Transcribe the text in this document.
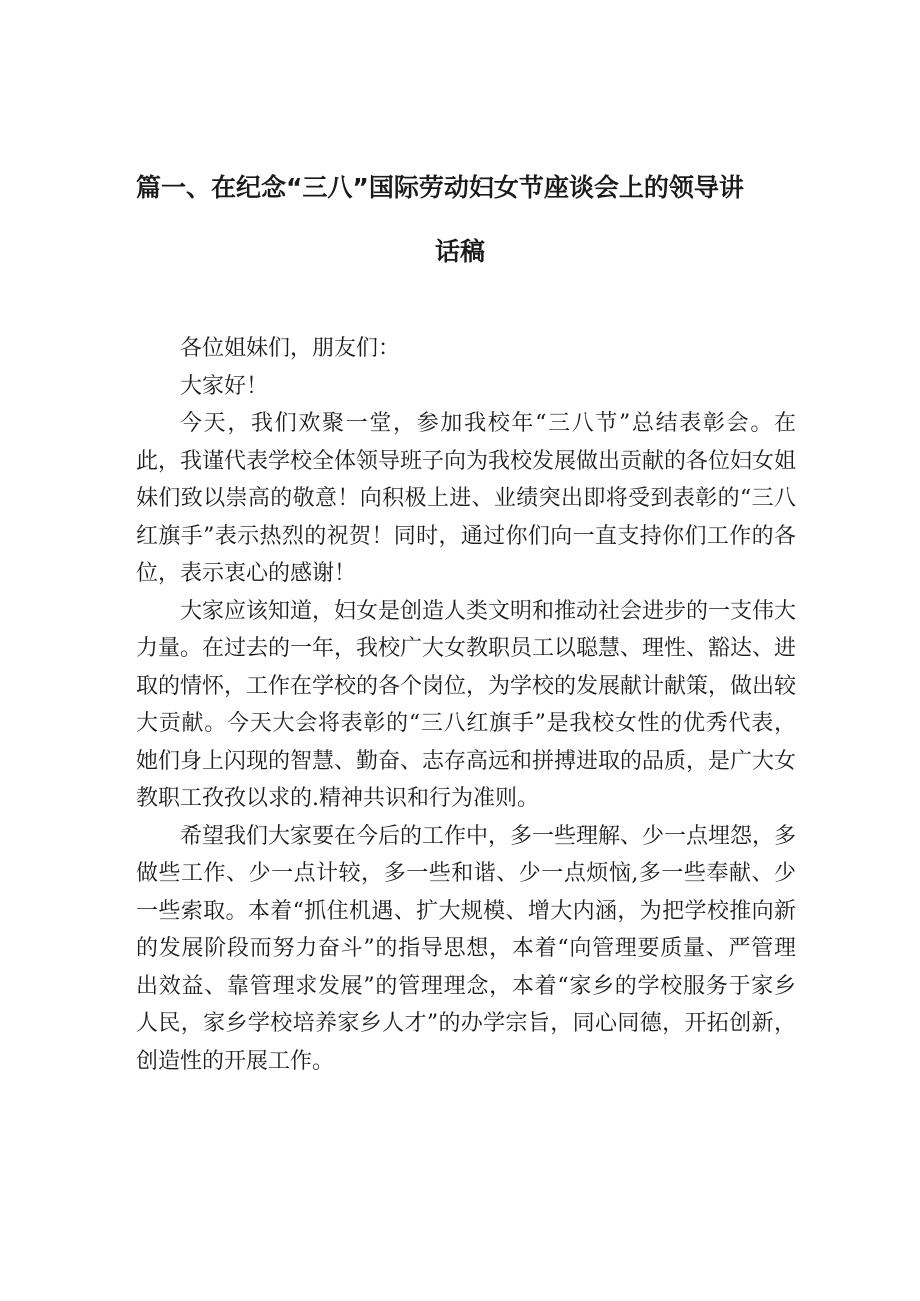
篇一、在纪念“三八”国际劳动妇女节座谈会上的领导讲
话稿

各位姐妹们，朋友们：

大家好！

今天，我们欢聚一堂，参加我校年“三八节”总结表彰会。在此，我谨代表学校全体领导班子向为我校发展做出贡献的各位妇女姐妹们致以崇高的敬意！向积极上进、业绩突出即将受到表彰的“三八红旗手”表示热烈的祝贺！同时，通过你们向一直支持你们工作的各位，表示衷心的感谢！

大家应该知道，妇女是创造人类文明和推动社会进步的一支伟大力量。在过去的一年，我校广大女教职员工以聪慧、理性、豁达、进取的情怀，工作在学校的各个岗位，为学校的发展献计献策，做出较大贡献。今天大会将表彰的“三八红旗手”是我校女性的优秀代表，她们身上闪现的智慧、勤奋、志存高远和拼搏进取的品质，是广大女教职工孜孜以求的.精神共识和行为准则。

希望我们大家要在今后的工作中，多一些理解、少一点埋怨，多做些工作、少一点计较，多一些和谐、少一点烦恼,多一些奉献、少一些索取。本着“抓住机遇、扩大规模、增大内涵，为把学校推向新的发展阶段而努力奋斗”的指导思想，本着“向管理要质量、严管理出效益、靠管理求发展”的管理理念，本着“家乡的学校服务于家乡人民，家乡学校培养家乡人才”的办学宗旨，同心同德，开拓创新，创造性的开展工作。
